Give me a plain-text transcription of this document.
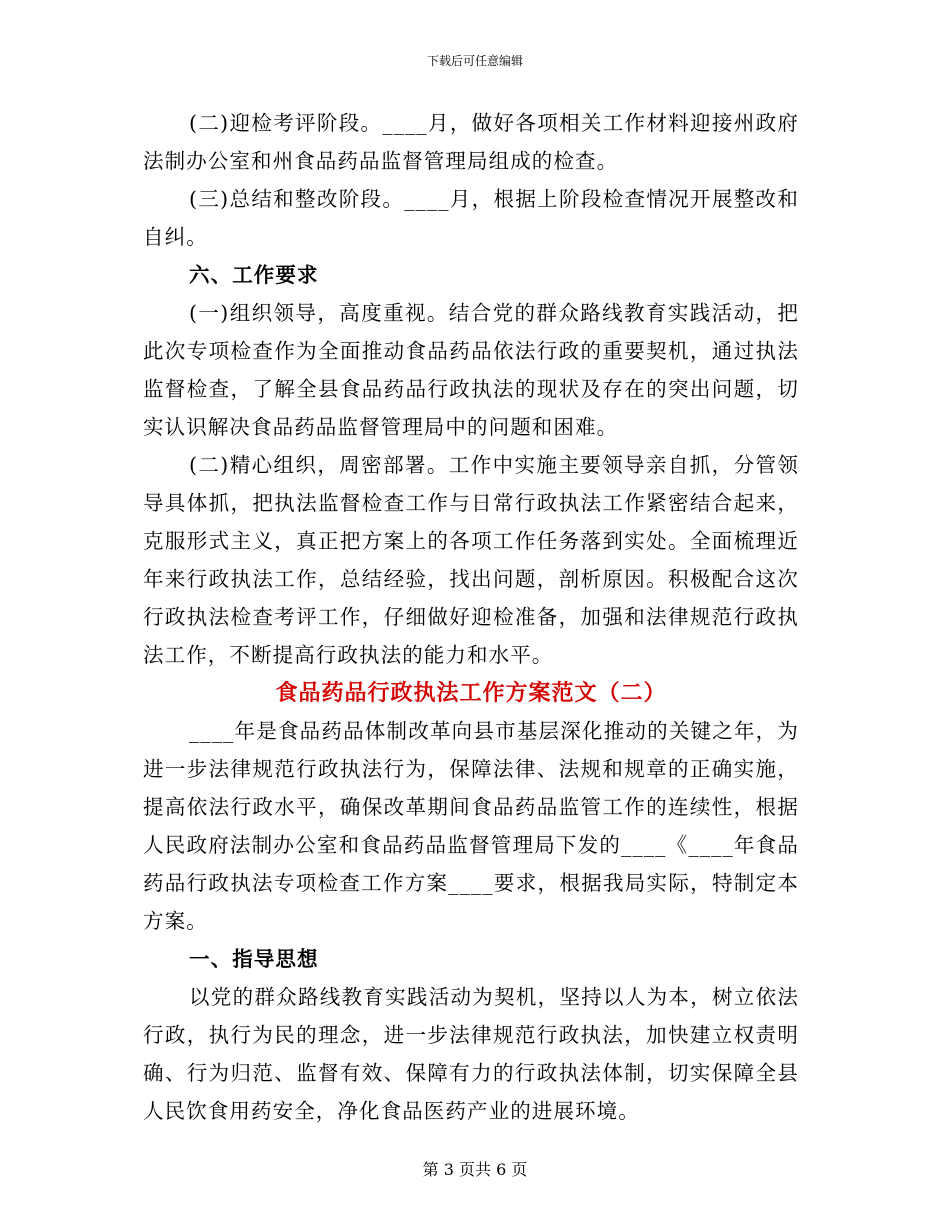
下载后可任意编辑

(二)迎检考评阶段。____月，做好各项相关工作材料迎接州政府法制办公室和州食品药品监督管理局组成的检查。

(三)总结和整改阶段。____月，根据上阶段检查情况开展整改和自纠。

六、工作要求

(一)组织领导，高度重视。结合党的群众路线教育实践活动，把此次专项检查作为全面推动食品药品依法行政的重要契机，通过执法监督检查，了解全县食品药品行政执法的现状及存在的突出问题，切实认识解决食品药品监督管理局中的问题和困难。

(二)精心组织，周密部署。工作中实施主要领导亲自抓，分管领导具体抓，把执法监督检查工作与日常行政执法工作紧密结合起来，克服形式主义，真正把方案上的各项工作任务落到实处。全面梳理近年来行政执法工作，总结经验，找出问题，剖析原因。积极配合这次行政执法检查考评工作，仔细做好迎检准备，加强和法律规范行政执法工作，不断提高行政执法的能力和水平。

食品药品行政执法工作方案范文（二）

____年是食品药品体制改革向县市基层深化推动的关键之年，为进一步法律规范行政执法行为，保障法律、法规和规章的正确实施，提高依法行政水平，确保改革期间食品药品监管工作的连续性，根据人民政府法制办公室和食品药品监督管理局下发的____《____年食品药品行政执法专项检查工作方案____要求，根据我局实际，特制定本方案。

一、指导思想

以党的群众路线教育实践活动为契机，坚持以人为本，树立依法行政，执行为民的理念，进一步法律规范行政执法，加快建立权责明确、行为归范、监督有效、保障有力的行政执法体制，切实保障全县人民饮食用药安全，净化食品医药产业的进展环境。

第 3 页共 6 页
